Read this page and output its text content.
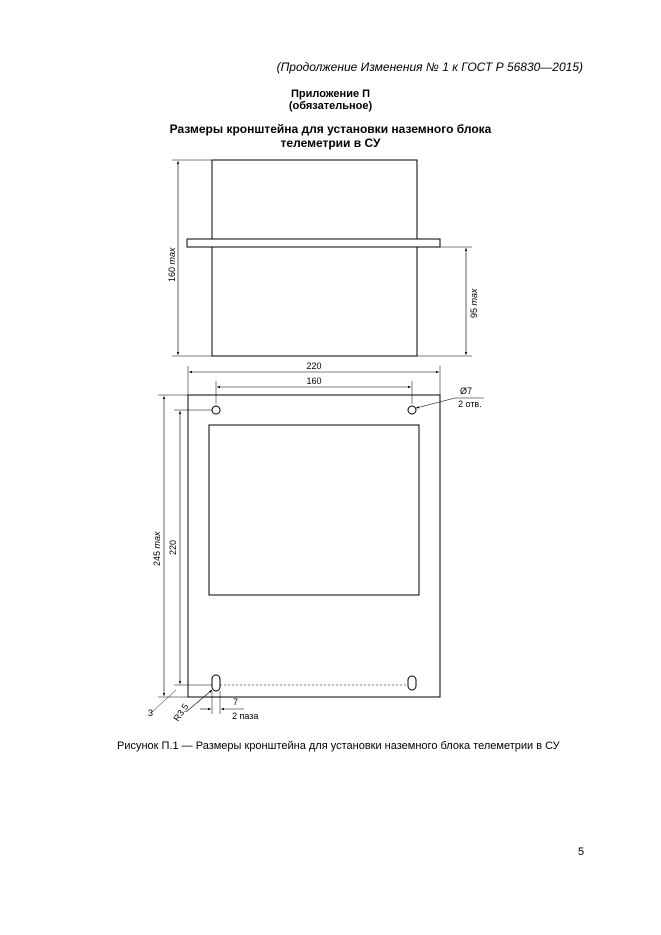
(Продолжение Изменения № 1 к ГОСТ Р 56830—2015)
Приложение П
(обязательное)
Размеры кронштейна для установки наземного блока
телеметрии в СУ
160 max
95 max
220
160
Ø7
2 отв.
245 max 220
3 R3.5	7
2 паза
Рисунок П.1 — Размеры кронштейна для установки наземного блока телеметрии в СУ
5
